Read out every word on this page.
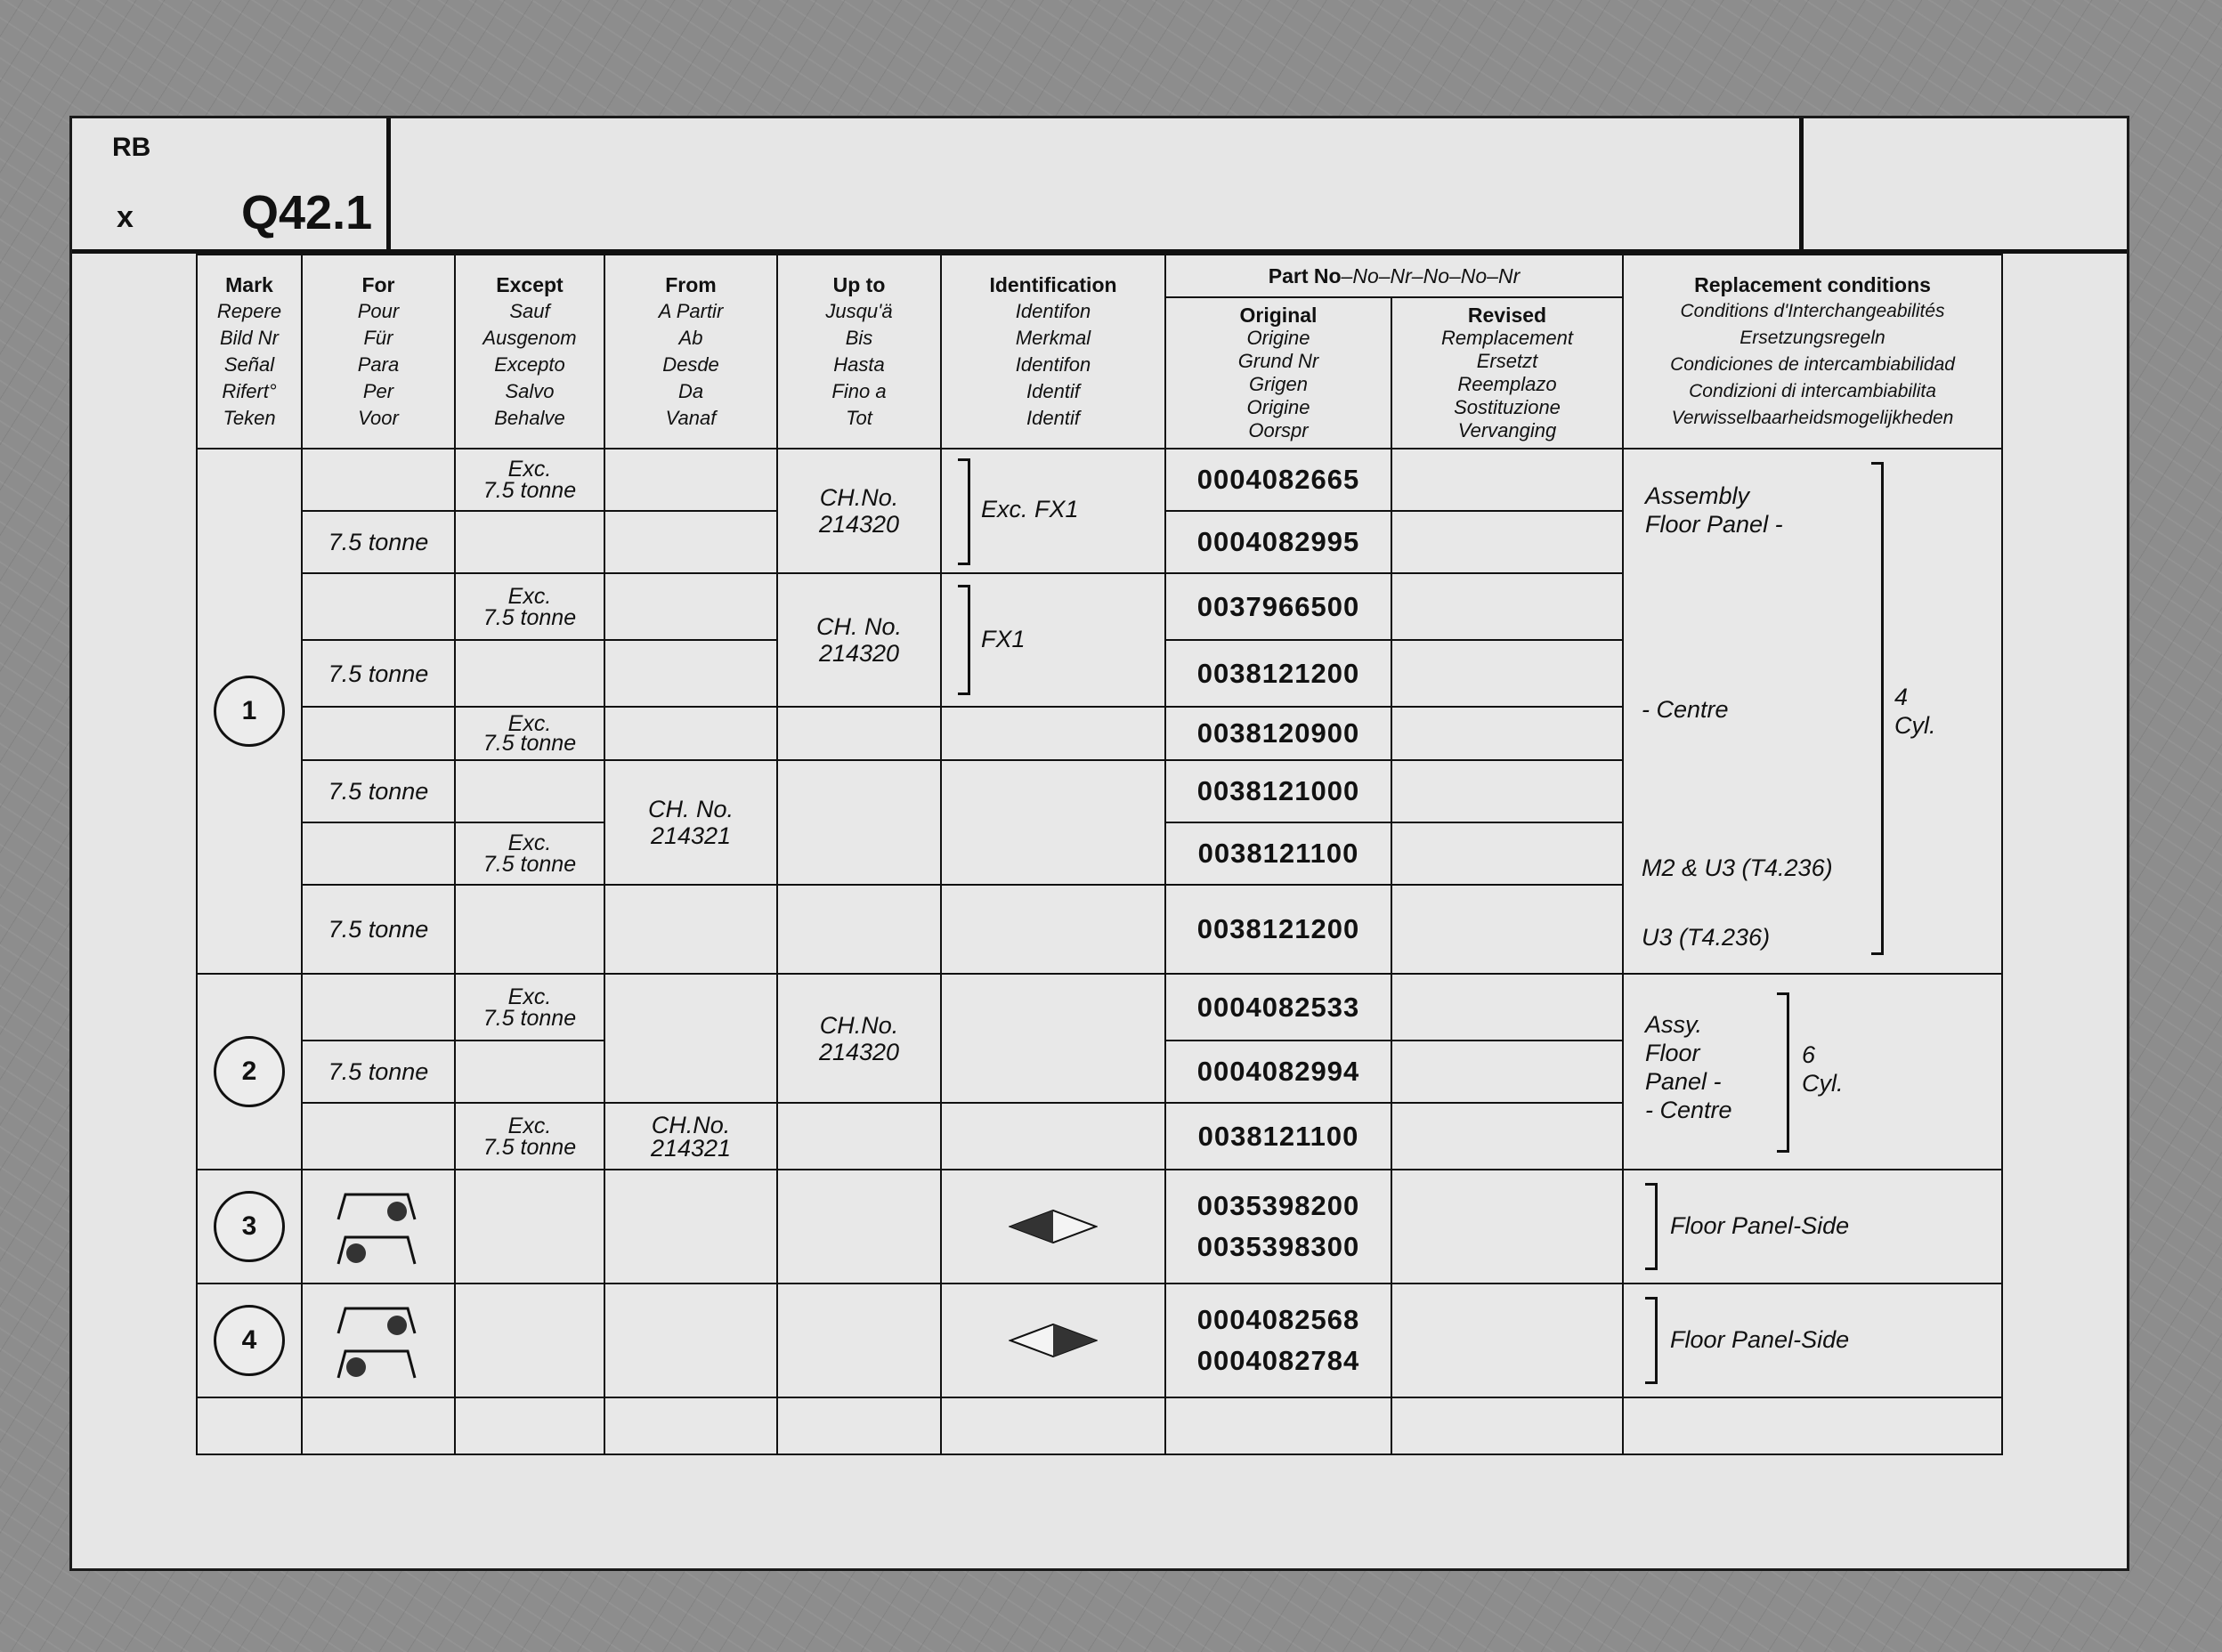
RB
x Q42.1
Mark
Repere
Bild Nr
Señal
Rifert°
Teken
For
Pour
Für
Para
Per
Voor
Except
Sauf
Ausgenom
Excepto
Salvo
Behalve
From
A Partir
Ab
Desde
Da
Vanaf
Up to
Jusqu'ä
Bis
Hasta
Fino a
Tot
Identification
Identifon
Merkmal
Identifon
Identif
Identif
Part No–No–Nr–No–No–Nr
Original
Origine
Grund Nr
Grigen
Origine
Oorspr
Revised
Remplacement
Ersetzt
Reemplazo
Sostituzione
Vervanging
Replacement conditions
Conditions d'Interchangeabilités
Ersetzungsregeln
Condiciones de intercambiabilidad
Condizioni di intercambiabilita
Verwisselbaarheidsmogelijkheden
1
2
3
4
7.5 tonne
7.5 tonne
7.5 tonne
7.5 tonne
7.5 tonne
Exc.
7.5 tonne
Exc.
7.5 tonne
Exc.
7.5 tonne
Exc.
7.5 tonne
Exc.
7.5 tonne
Exc.
7.5 tonne
CH. No.
214321
CH.No.
214321
CH.No.
214320
CH. No.
214320
CH.No.
214320
Exc. FX1
FX1
0004082665
0004082995
0037966500
0038121200
0038120900
0038121000
0038121100
0038121200
0004082533
0004082994
0038121100
0035398200
0035398300
0004082568
0004082784
Assembly
Floor Panel -
- Centre
M2 & U3 (T4.236)
U3 (T4.236)
4
Cyl.
Assy.
Floor
Panel -
- Centre
6
Cyl.
Floor Panel-Side
Floor Panel-Side
